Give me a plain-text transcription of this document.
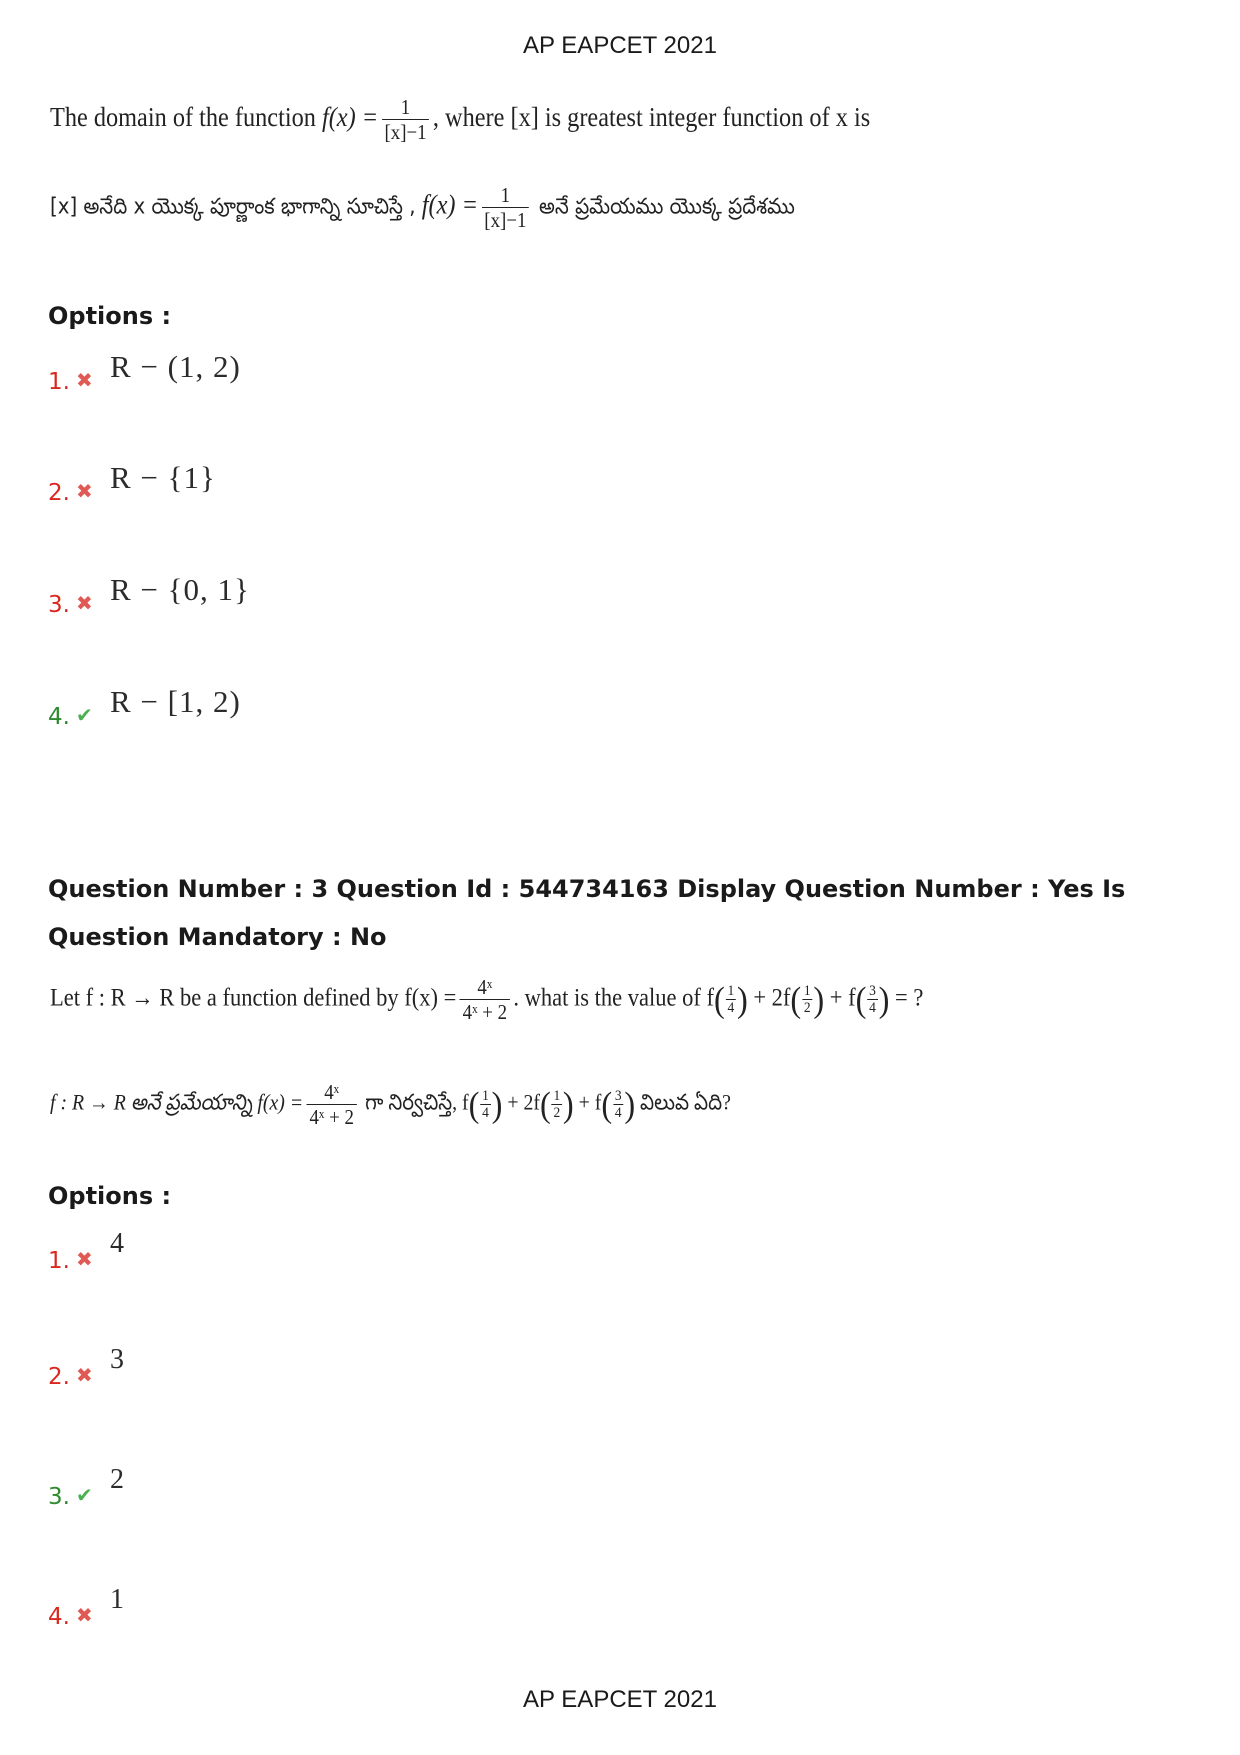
AP EAPCET 2021
The domain of the function $f(x) = \frac{1}{[x]-1}$ , where [x] is greatest integer function of x is
[x] అనేది x యొక్క పూర్ణాంక భాగాన్ని సూచిస్తే , $f(x) = \frac{1}{[x]-1}$ అనే ప్రమేయము యొక్క ప్రదేశము
Options :
1. ✖ R − (1, 2)
2. ✖ R − {1}
3. ✖ R − {0, 1}
4. ✔ R − [1, 2)
Question Number : 3 Question Id : 544734163 Display Question Number : Yes Is Question Mandatory : No
Let f : R → R be a function defined by $f(x) = \frac{\text{4ˣ}}{\text{4ˣ + 2}}$ . what is the value of $f( \frac{1}{4}$ ) + $2f( \frac{1}{2}$ ) + $f( \frac{3}{4}$ ) = ?
f : R → R అనే ప్రమేయాన్ని $f(x) = \frac{\text{4ˣ}}{\text{4ˣ + 2}}$ గా నిర్వచిస్తే, $f( \frac{1}{4}$ ) + $2f( \frac{1}{2}$ ) + $f( \frac{3}{4}$ ) విలువ ఏది?
Options :
1. ✖ 4
2. ✖ 3
3. ✔ 2
4. ✖ 1
AP EAPCET 2021
